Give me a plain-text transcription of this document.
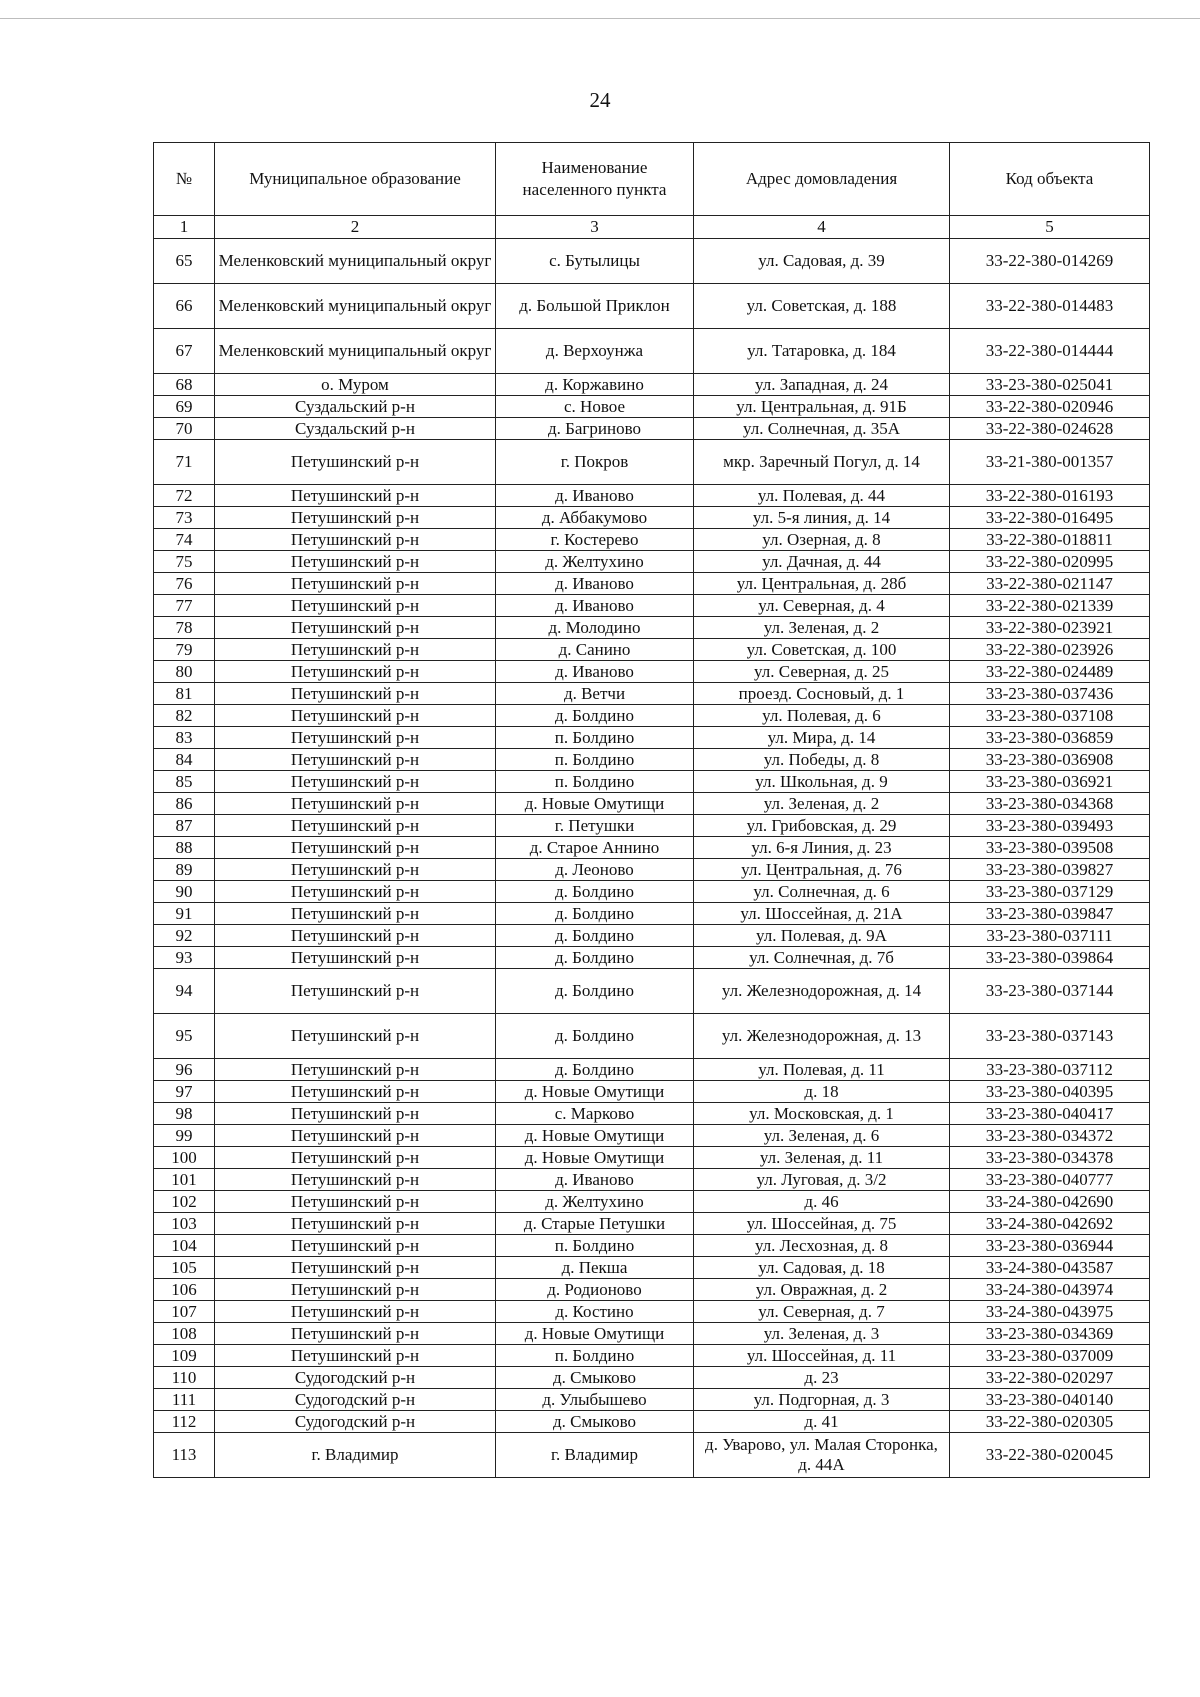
24
№	Муниципальное образование	Наименование населенного пункта	Адрес домовладения	Код объекта
1	2	3	4	5
65	Меленковский муниципальный округ	с. Бутылицы	ул. Садовая, д. 39	33-22-380-014269
66	Меленковский муниципальный округ	д. Большой Приклон	ул. Советская, д. 188	33-22-380-014483
67	Меленковский муниципальный округ	д. Верхоунжа	ул. Татаровка, д. 184	33-22-380-014444
68	о. Муром	д. Коржавино	ул. Западная, д. 24	33-23-380-025041
69	Суздальский р-н	с. Новое	ул. Центральная, д. 91Б	33-22-380-020946
70	Суздальский р-н	д. Багриново	ул. Солнечная, д. 35А	33-22-380-024628
71	Петушинский р-н	г. Покров	мкр. Заречный Погул, д. 14	33-21-380-001357
72	Петушинский р-н	д. Иваново	ул. Полевая, д. 44	33-22-380-016193
73	Петушинский р-н	д. Аббакумово	ул. 5-я линия, д. 14	33-22-380-016495
74	Петушинский р-н	г. Костерево	ул. Озерная, д. 8	33-22-380-018811
75	Петушинский р-н	д. Желтухино	ул. Дачная, д. 44	33-22-380-020995
76	Петушинский р-н	д. Иваново	ул. Центральная, д. 28б	33-22-380-021147
77	Петушинский р-н	д. Иваново	ул. Северная, д. 4	33-22-380-021339
78	Петушинский р-н	д. Молодино	ул. Зеленая, д. 2	33-22-380-023921
79	Петушинский р-н	д. Санино	ул. Советская, д. 100	33-22-380-023926
80	Петушинский р-н	д. Иваново	ул. Северная, д. 25	33-22-380-024489
81	Петушинский р-н	д. Ветчи	проезд. Сосновый, д. 1	33-23-380-037436
82	Петушинский р-н	д. Болдино	ул. Полевая, д. 6	33-23-380-037108
83	Петушинский р-н	п. Болдино	ул. Мира, д. 14	33-23-380-036859
84	Петушинский р-н	п. Болдино	ул. Победы, д. 8	33-23-380-036908
85	Петушинский р-н	п. Болдино	ул. Школьная, д. 9	33-23-380-036921
86	Петушинский р-н	д. Новые Омутищи	ул. Зеленая, д. 2	33-23-380-034368
87	Петушинский р-н	г. Петушки	ул. Грибовская, д. 29	33-23-380-039493
88	Петушинский р-н	д. Старое Аннино	ул. 6-я Линия, д. 23	33-23-380-039508
89	Петушинский р-н	д. Леоново	ул. Центральная, д. 76	33-23-380-039827
90	Петушинский р-н	д. Болдино	ул. Солнечная, д. 6	33-23-380-037129
91	Петушинский р-н	д. Болдино	ул. Шоссейная, д. 21А	33-23-380-039847
92	Петушинский р-н	д. Болдино	ул. Полевая, д. 9А	33-23-380-037111
93	Петушинский р-н	д. Болдино	ул. Солнечная, д. 7б	33-23-380-039864
94	Петушинский р-н	д. Болдино	ул. Железнодорожная, д. 14	33-23-380-037144
95	Петушинский р-н	д. Болдино	ул. Железнодорожная, д. 13	33-23-380-037143
96	Петушинский р-н	д. Болдино	ул. Полевая, д. 11	33-23-380-037112
97	Петушинский р-н	д. Новые Омутищи	д. 18	33-23-380-040395
98	Петушинский р-н	с. Марково	ул. Московская, д. 1	33-23-380-040417
99	Петушинский р-н	д. Новые Омутищи	ул. Зеленая, д. 6	33-23-380-034372
100	Петушинский р-н	д. Новые Омутищи	ул. Зеленая, д. 11	33-23-380-034378
101	Петушинский р-н	д. Иваново	ул. Луговая, д. 3/2	33-23-380-040777
102	Петушинский р-н	д. Желтухино	д. 46	33-24-380-042690
103	Петушинский р-н	д. Старые Петушки	ул. Шоссейная, д. 75	33-24-380-042692
104	Петушинский р-н	п. Болдино	ул. Лесхозная, д. 8	33-23-380-036944
105	Петушинский р-н	д. Пекша	ул. Садовая, д. 18	33-24-380-043587
106	Петушинский р-н	д. Родионово	ул. Овражная, д. 2	33-24-380-043974
107	Петушинский р-н	д. Костино	ул. Северная, д. 7	33-24-380-043975
108	Петушинский р-н	д. Новые Омутищи	ул. Зеленая, д. 3	33-23-380-034369
109	Петушинский р-н	п. Болдино	ул. Шоссейная, д. 11	33-23-380-037009
110	Судогодский р-н	д. Смыково	д. 23	33-22-380-020297
111	Судогодский р-н	д. Улыбышево	ул. Подгорная, д. 3	33-23-380-040140
112	Судогодский р-н	д. Смыково	д. 41	33-22-380-020305
113	г. Владимир	г. Владимир	д. Уварово, ул. Малая Сторонка, д. 44А	33-22-380-020045
